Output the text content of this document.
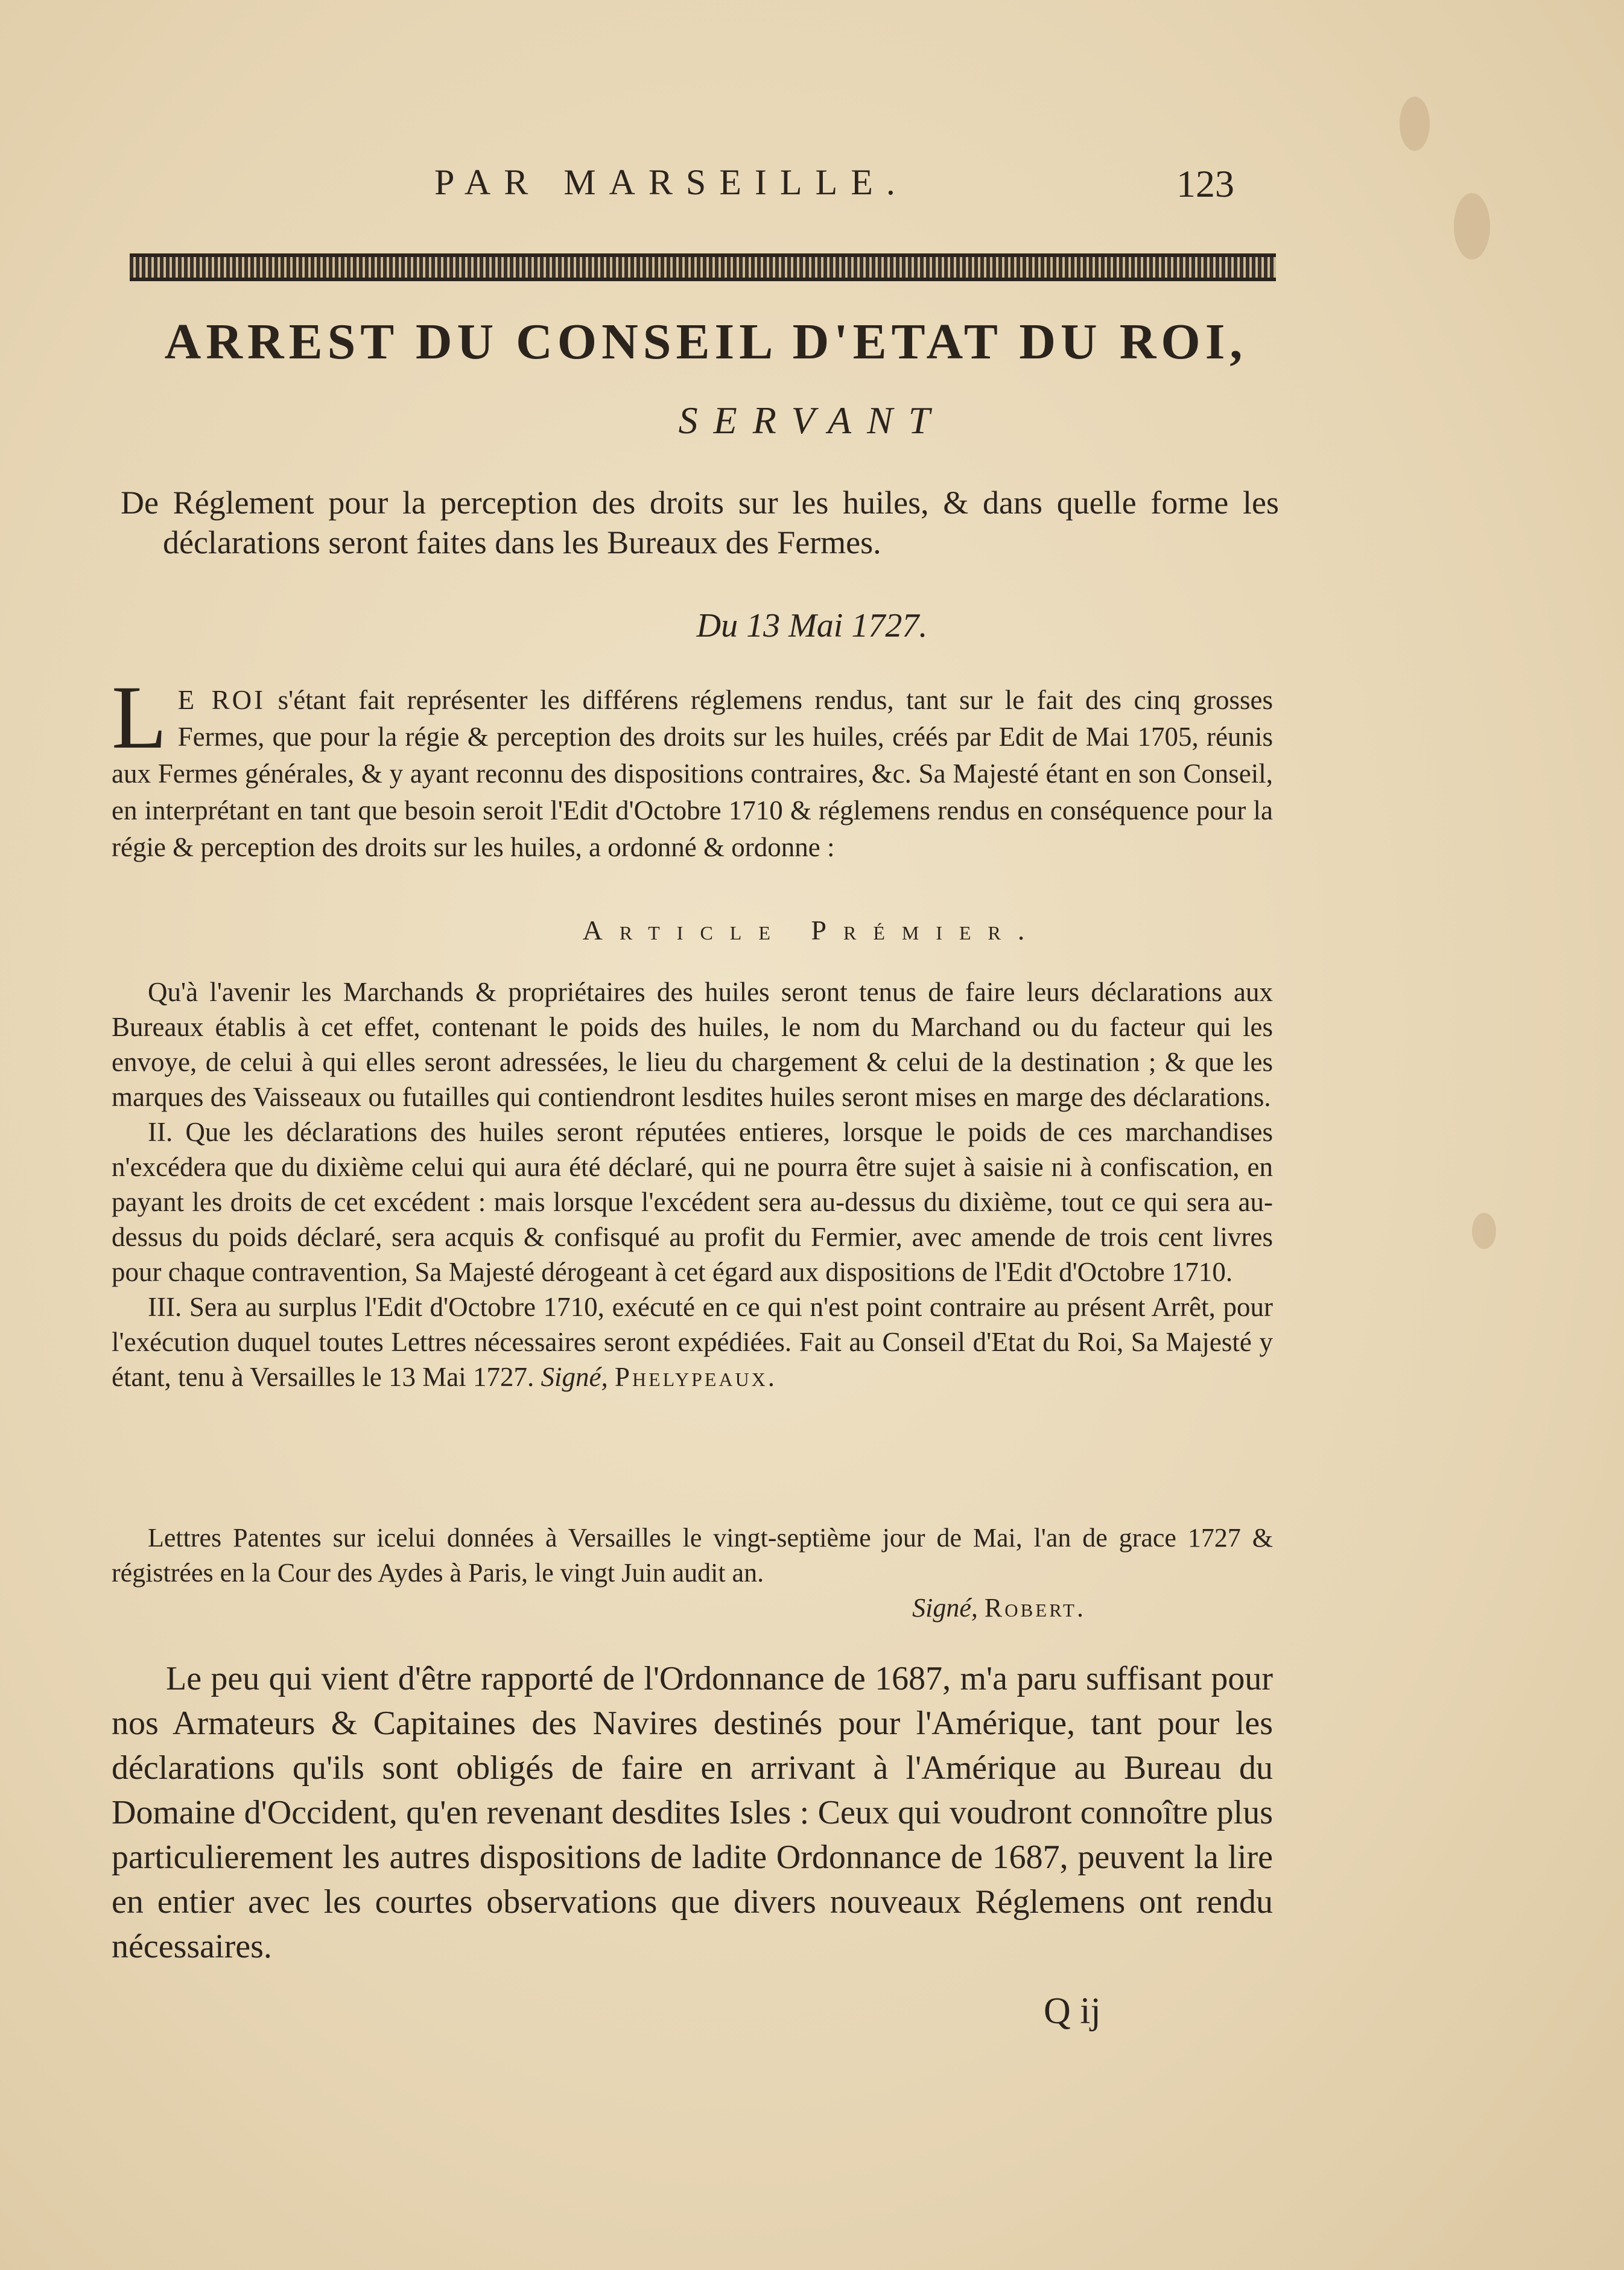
PAR MARSEILLE.	123
ARREST DU CONSEIL D'ETAT DU ROI,
SERVANT
De Réglement pour la perception des droits sur les huiles, & dans quelle forme les déclarations seront faites dans les Bureaux des Fermes.
Du 13 Mai 1727.
L E ROI s'étant fait représenter les différens réglemens rendus, tant sur le fait des cinq grosses Fermes, que pour la régie & perception des droits sur les huiles, créés par Edit de Mai 1705, réunis aux Fermes générales, & y ayant reconnu des dispositions contraires, &c. Sa Majesté étant en son Conseil, en interprétant en tant que besoin seroit l'Edit d'Octobre 1710 & réglemens rendus en conséquence pour la régie & perception des droits sur les huiles, a ordonné & ordonne :
Article Prémier.

Qu'à l'avenir les Marchands & propriétaires des huiles seront tenus de faire leurs déclarations aux Bureaux établis à cet effet, contenant le poids des huiles, le nom du Marchand ou du facteur qui les envoye, de celui à qui elles seront adressées, le lieu du chargement & celui de la destination ; & que les marques des Vaisseaux ou futailles qui contiendront lesdites huiles seront mises en marge des déclarations.

II. Que les déclarations des huiles seront réputées entieres, lorsque le poids de ces marchandises n'excédera que du dixième celui qui aura été déclaré, qui ne pourra être sujet à saisie ni à confiscation, en payant les droits de cet excédent : mais lorsque l'excédent sera au-dessus du dixième, tout ce qui sera au-dessus du poids déclaré, sera acquis & confisqué au profit du Fermier, avec amende de trois cent livres pour chaque contravention, Sa Majesté dérogeant à cet égard aux dispositions de l'Edit d'Octobre 1710.

III. Sera au surplus l'Edit d'Octobre 1710, exécuté en ce qui n'est point contraire au présent Arrêt, pour l'exécution duquel toutes Lettres nécessaires seront expédiées. Fait au Conseil d'Etat du Roi, Sa Majesté y étant, tenu à Versailles le 13 Mai 1727. Signé, Phelypeaux.

Lettres Patentes sur icelui données à Versailles le vingt-septième jour de Mai, l'an de grace 1727 & régistrées en la Cour des Aydes à Paris, le vingt Juin audit an.

Signé, Robert.

Le peu qui vient d'être rapporté de l'Ordonnance de 1687, m'a paru suffisant pour nos Armateurs & Capitaines des Navires destinés pour l'Amérique, tant pour les déclarations qu'ils sont obligés de faire en arrivant à l'Amérique au Bureau du Domaine d'Occident, qu'en revenant desdites Isles : Ceux qui voudront connoître plus particulierement les autres dispositions de ladite Ordonnance de 1687, peuvent la lire en entier avec les courtes observations que divers nouveaux Réglemens ont rendu nécessaires.

Q ij
